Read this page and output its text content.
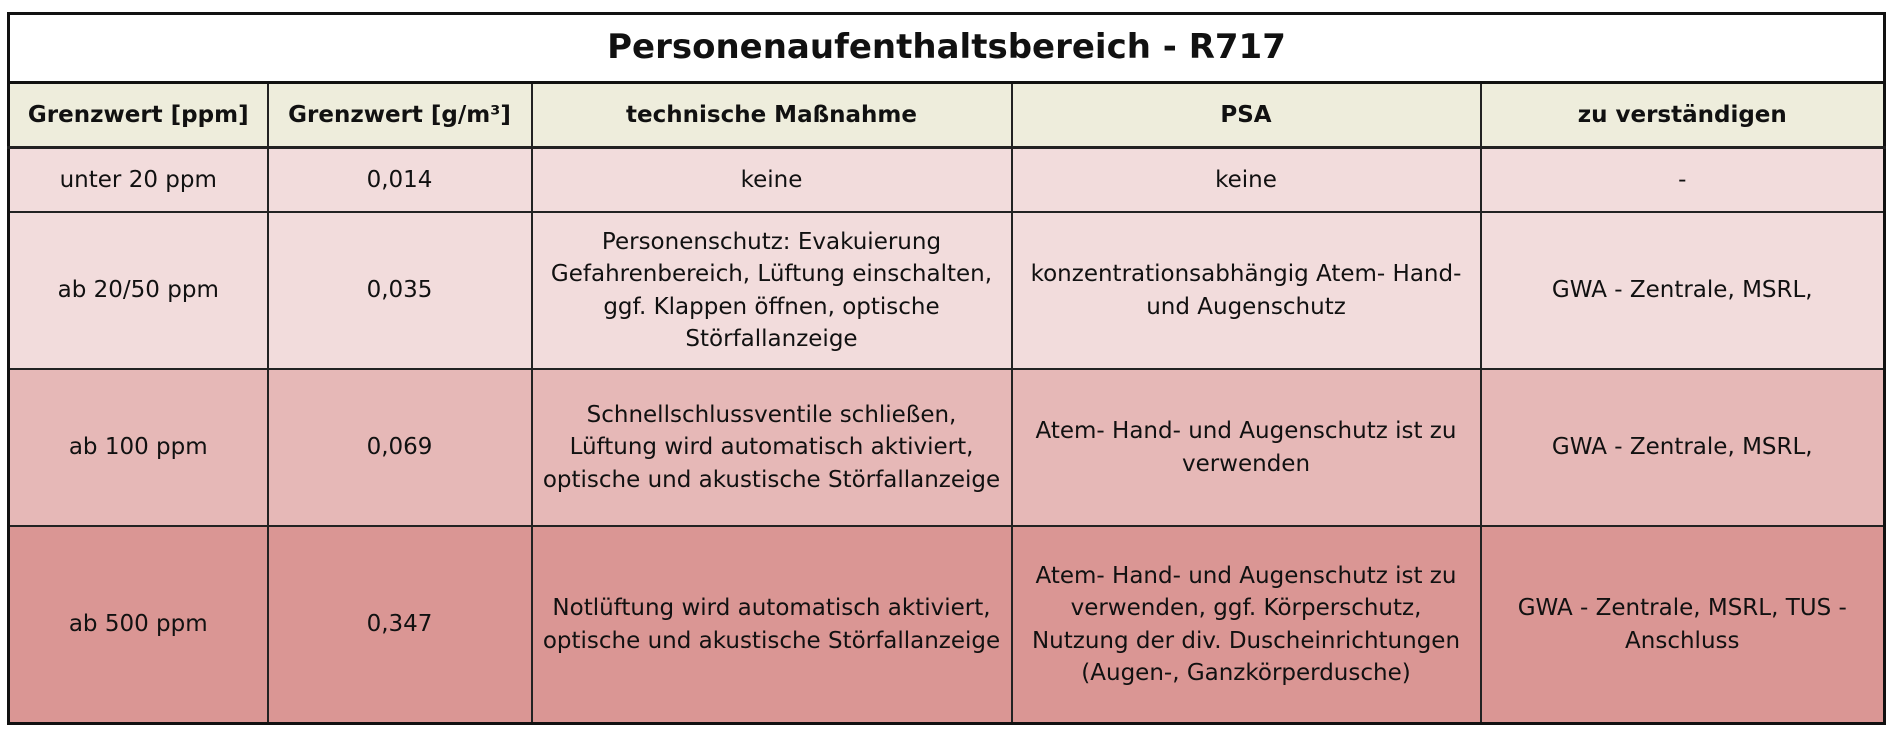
Personenaufenthaltsbereich - R717				
Grenzwert [ppm]	Grenzwert [g/m³]	technische Maßnahme	PSA	zu verständigen
unter 20 ppm	0,014	keine	keine	-
ab 20/50 ppm	0,035	Personenschutz: Evakuierung Gefahrenbereich, Lüftung einschalten, ggf. Klappen öffnen, optische Störfallanzeige	konzentrationsabhängig Atem- Hand- und Augenschutz	GWA - Zentrale, MSRL,
ab 100 ppm	0,069	Schnellschlussventile schließen, Lüftung wird automatisch aktiviert, optische und akustische Störfallanzeige	Atem- Hand- und Augenschutz ist zu verwenden	GWA - Zentrale, MSRL,
ab 500 ppm	0,347	Notlüftung wird automatisch aktiviert, optische und akustische Störfallanzeige	Atem- Hand- und Augenschutz ist zu verwenden, ggf. Körperschutz, Nutzung der div. Duscheinrichtungen (Augen-, Ganzkörperdusche)	GWA - Zentrale, MSRL, TUS - Anschluss
